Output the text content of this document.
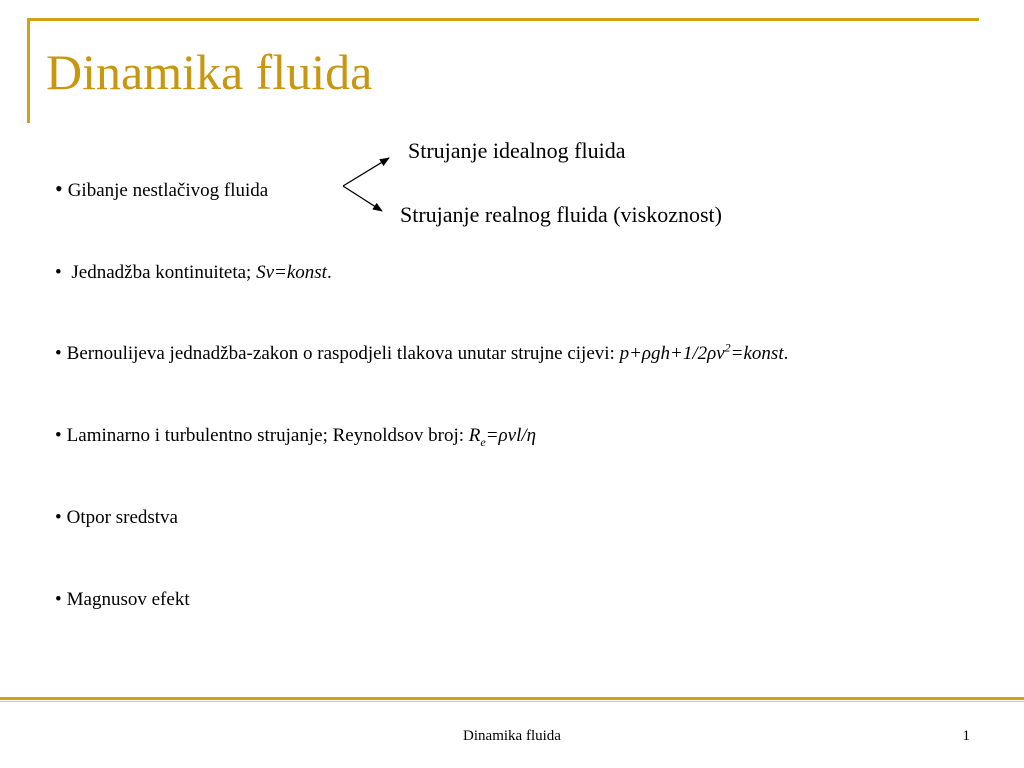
Dinamika fluida
Strujanje idealnog fluida
Strujanje realnog fluida (viskoznost)
• Gibanje nestlačivog fluida
• Jednadžba kontinuiteta; Sv=konst.
• Bernoulijeva jednadžba-zakon o raspodjeli tlakova unutar strujne cijevi: $p+\rho gh+1/2\rho v^2=konst$.
• Laminarno i turbulentno strujanje; Reynoldsov broj: $R_e=\rho vl/\eta$
• Otpor sredstva
• Magnusov efekt
Dinamika fluida	1
